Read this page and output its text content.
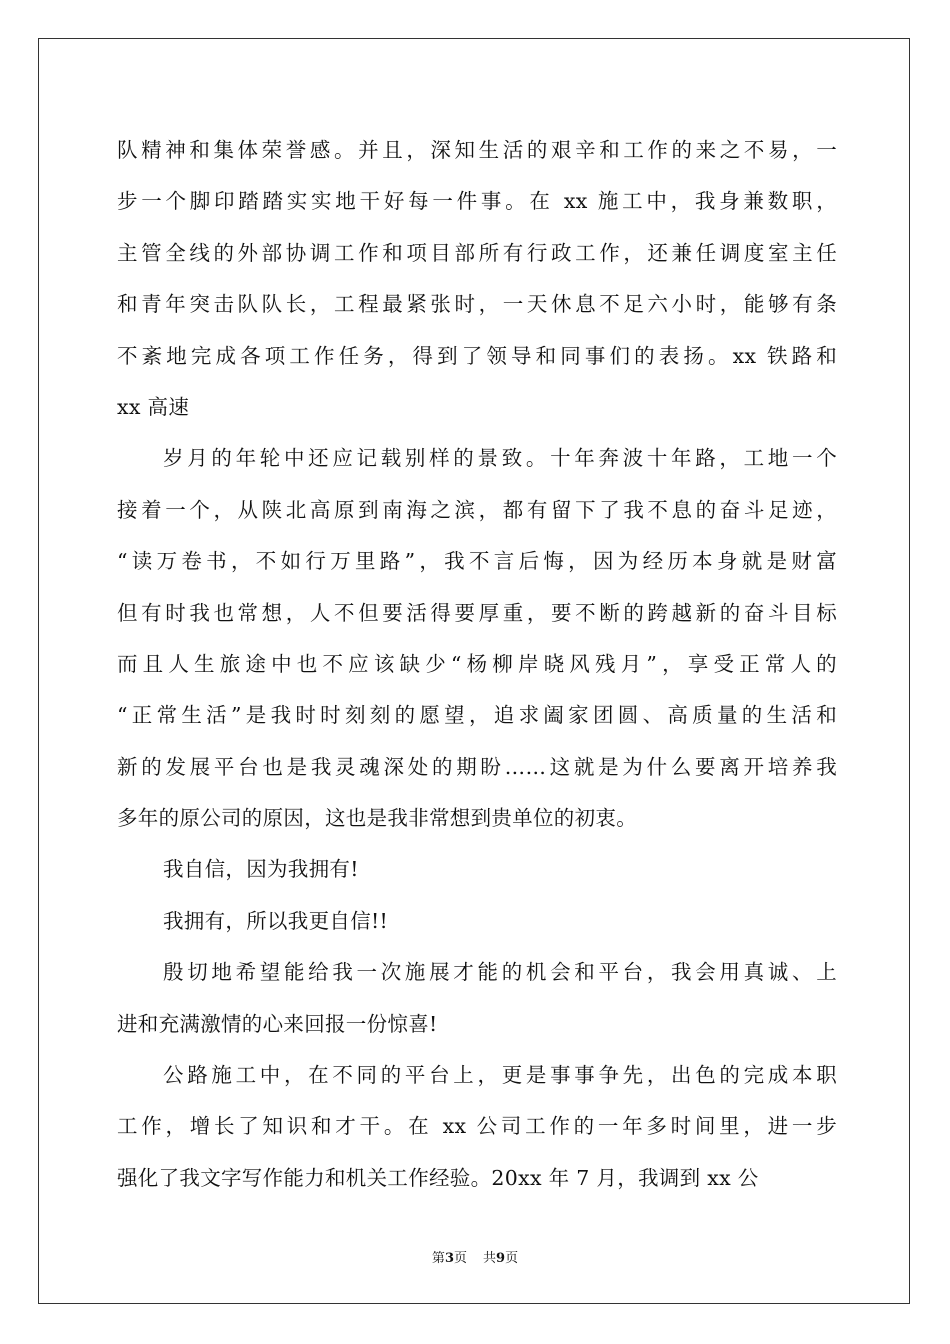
队精神和集体荣誉感。并且，深知生活的艰辛和工作的来之不易，一
步一个脚印踏踏实实地干好每一件事。在 xx 施工中，我身兼数职，
主管全线的外部协调工作和项目部所有行政工作，还兼任调度室主任
和青年突击队队长，工程最紧张时，一天休息不足六小时，能够有条
不紊地完成各项工作任务，得到了领导和同事们的表扬。xx 铁路和
xx 高速
岁月的年轮中还应记载别样的景致。十年奔波十年路，工地一个
接着一个，从陕北高原到南海之滨，都有留下了我不息的奋斗足迹，
“读万卷书，不如行万里路”，我不言后悔，因为经历本身就是财富
但有时我也常想，人不但要活得要厚重，要不断的跨越新的奋斗目标
而且人生旅途中也不应该缺少“杨柳岸晓风残月”，享受正常人的
“正常生活”是我时时刻刻的愿望，追求阖家团圆、高质量的生活和
新的发展平台也是我灵魂深处的期盼……这就是为什么要离开培养我
多年的原公司的原因，这也是我非常想到贵单位的初衷。
我自信，因为我拥有!
我拥有，所以我更自信!!
殷切地希望能给我一次施展才能的机会和平台，我会用真诚、上
进和充满激情的心来回报一份惊喜!
公路施工中，在不同的平台上，更是事事争先，出色的完成本职
工作，增长了知识和才干。在 xx 公司工作的一年多时间里，进一步
强化了我文字写作能力和机关工作经验。20xx 年 7 月，我调到 xx 公
第3页 共9页
